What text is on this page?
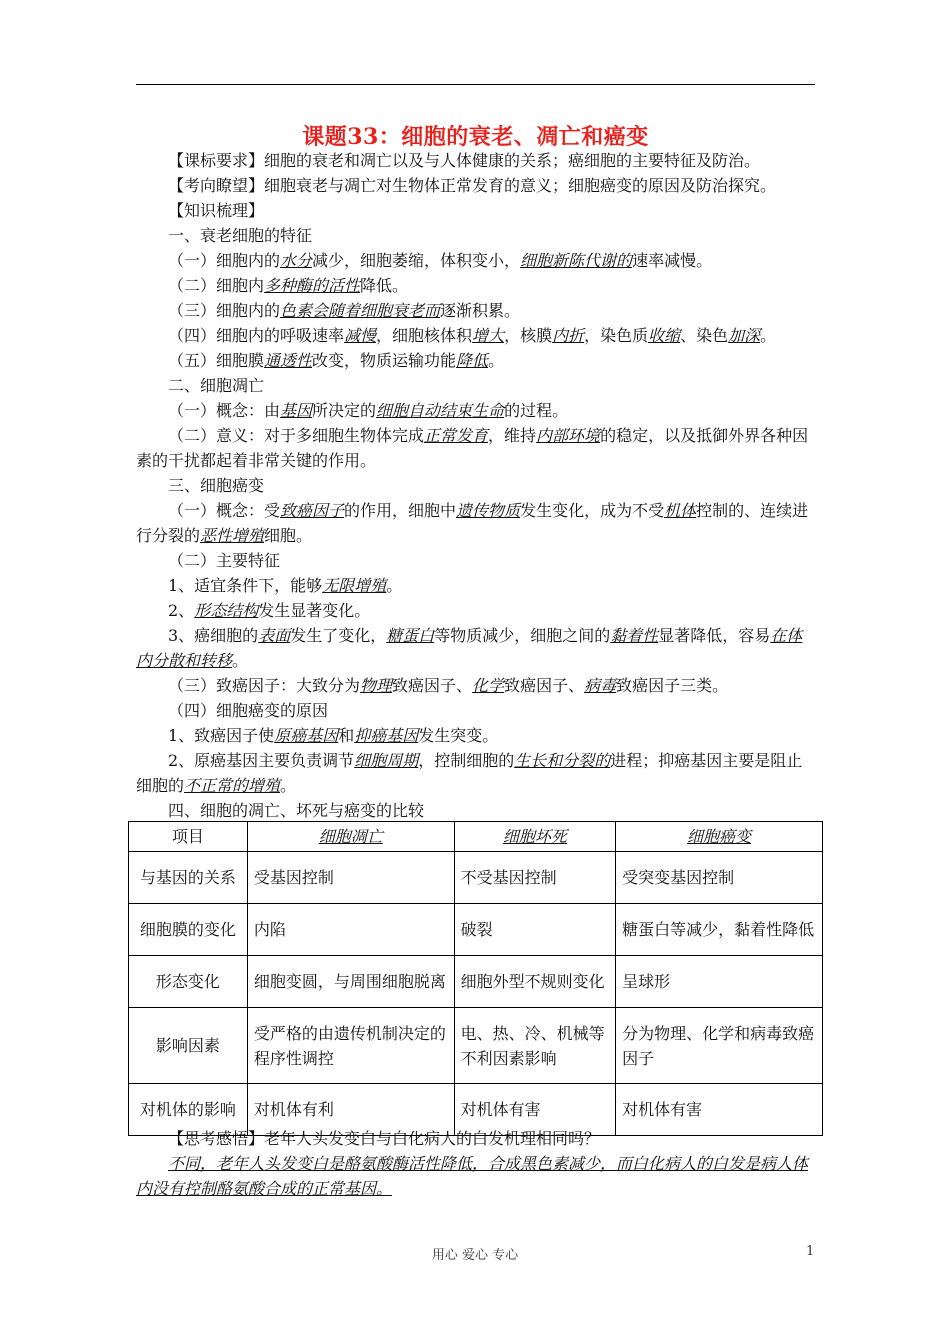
课题33：细胞的衰老、凋亡和癌变
【课标要求】细胞的衰老和凋亡以及与人体健康的关系；癌细胞的主要特征及防治。
【考向瞭望】细胞衰老与凋亡对生物体正常发育的意义；细胞癌变的原因及防治探究。
【知识梳理】
一、衰老细胞的特征
（一）细胞内的水分减少，细胞萎缩，体积变小，细胞新陈代谢的速率减慢。
（二）细胞内多种酶的活性降低。
（三）细胞内的色素会随着细胞衰老而逐渐积累。
（四）细胞内的呼吸速率减慢，细胞核体积增大，核膜内折，染色质收缩、染色加深。
（五）细胞膜通透性改变，物质运输功能降低。
二、细胞凋亡
（一）概念：由基因所决定的细胞自动结束生命的过程。
（二）意义：对于多细胞生物体完成正常发育，维持内部环境的稳定，以及抵御外界各种因素的干扰都起着非常关键的作用。
三、细胞癌变
（一）概念：受致癌因子的作用，细胞中遗传物质发生变化，成为不受机体控制的、连续进行分裂的恶性增殖细胞。
（二）主要特征
1、适宜条件下，能够无限增殖。
2、形态结构发生显著变化。
3、癌细胞的表面发生了变化，糖蛋白等物质减少，细胞之间的黏着性显著降低，容易在体内分散和转移。
（三）致癌因子：大致分为物理致癌因子、化学致癌因子、病毒致癌因子三类。
（四）细胞癌变的原因
1、致癌因子使原癌基因和抑癌基因发生突变。
2、原癌基因主要负责调节细胞周期，控制细胞的生长和分裂的进程；抑癌基因主要是阻止细胞的不正常的增殖。
四、细胞的凋亡、坏死与癌变的比较
项目	细胞凋亡	细胞坏死	细胞癌变
与基因的关系	受基因控制	不受基因控制	受突变基因控制
细胞膜的变化	内陷	破裂	糖蛋白等减少，黏着性降低
形态变化	细胞变圆，与周围细胞脱离	细胞外型不规则变化	呈球形
影响因素	受严格的由遗传机制决定的程序性调控	电、热、冷、机械等不利因素影响	分为物理、化学和病毒致癌因子
对机体的影响	对机体有利	对机体有害	对机体有害
【思考感悟】老年人头发变白与白化病人的白发机理相同吗？
不同，老年人头发变白是酪氨酸酶活性降低，合成黑色素减少，而白化病人的白发是病人体内没有控制酪氨酸合成的正常基因。
用心 爱心 专心	1
